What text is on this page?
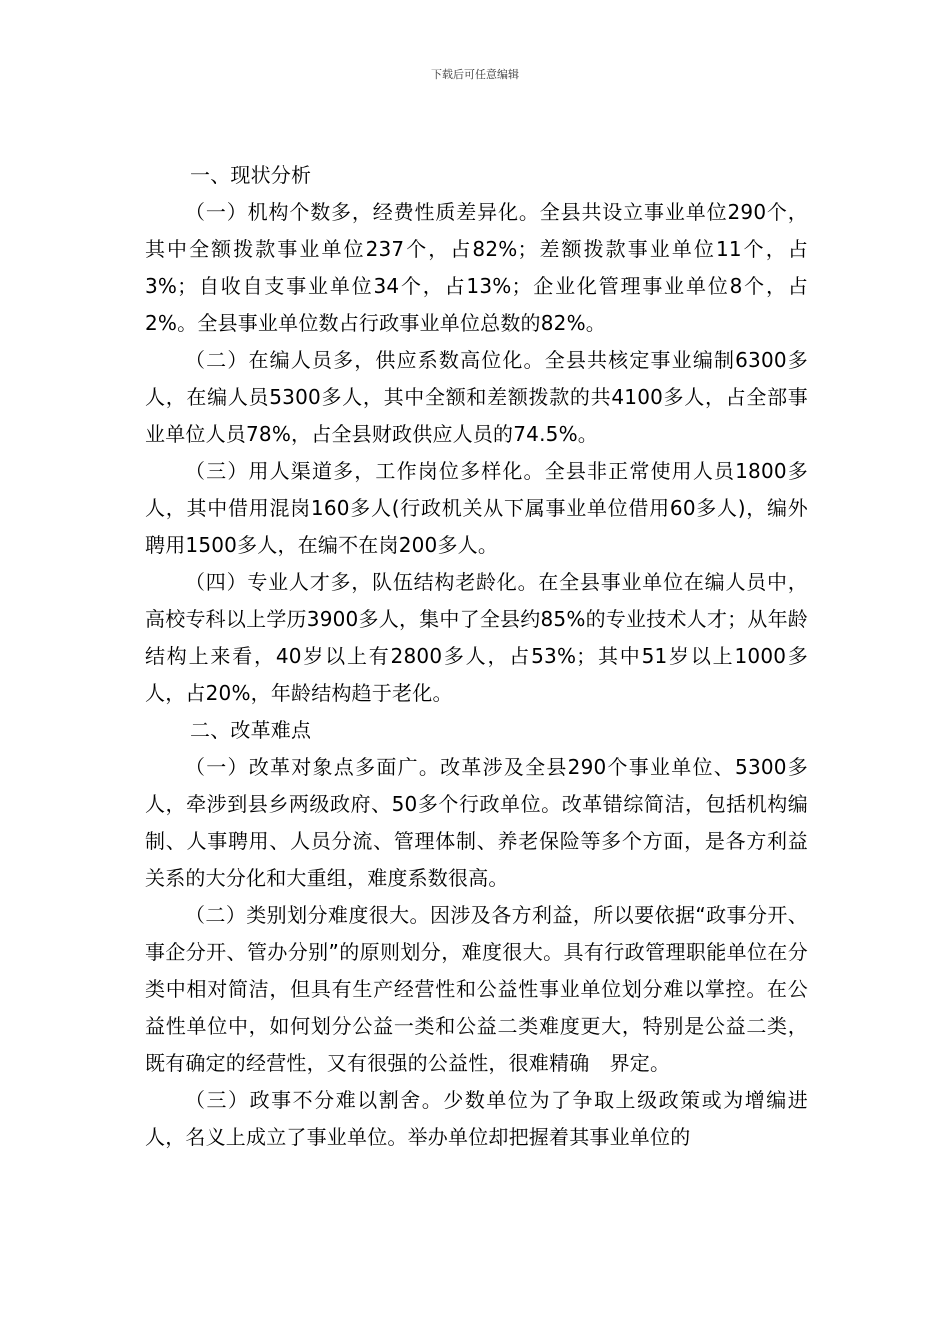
下载后可任意编辑

一、现状分析

（一）机构个数多，经费性质差异化。全县共设立事业单位290个，其中全额拨款事业单位237个，占82%；差额拨款事业单位11个，占3%；自收自支事业单位34个，占13%；企业化管理事业单位8个，占2%。全县事业单位数占行政事业单位总数的82%。

（二）在编人员多，供应系数高位化。全县共核定事业编制6300多人，在编人员5300多人，其中全额和差额拨款的共4100多人，占全部事业单位人员78%，占全县财政供应人员的74.5%。

（三）用人渠道多，工作岗位多样化。全县非正常使用人员1800多人，其中借用混岗160多人(行政机关从下属事业单位借用60多人)，编外聘用1500多人，在编不在岗200多人。

（四）专业人才多，队伍结构老龄化。在全县事业单位在编人员中，高校专科以上学历3900多人，集中了全县约85%的专业技术人才；从年龄结构上来看，40岁以上有2800多人，占53%；其中51岁以上1000多人，占20%，年龄结构趋于老化。

二、改革难点

（一）改革对象点多面广。改革涉及全县290个事业单位、5300多人，牵涉到县乡两级政府、50多个行政单位。改革错综简洁，包括机构编制、人事聘用、人员分流、管理体制、养老保险等多个方面，是各方利益关系的大分化和大重组，难度系数很高。

（二）类别划分难度很大。因涉及各方利益，所以要依据“政事分开、事企分开、管办分别”的原则划分，难度很大。具有行政管理职能单位在分类中相对简洁，但具有生产经营性和公益性事业单位划分难以掌控。在公益性单位中，如何划分公益一类和公益二类难度更大，特别是公益二类，既有确定的经营性，又有很强的公益性，很难精确　界定。

（三）政事不分难以割舍。少数单位为了争取上级政策或为增编进人，名义上成立了事业单位。举办单位却把握着其事业单位的
